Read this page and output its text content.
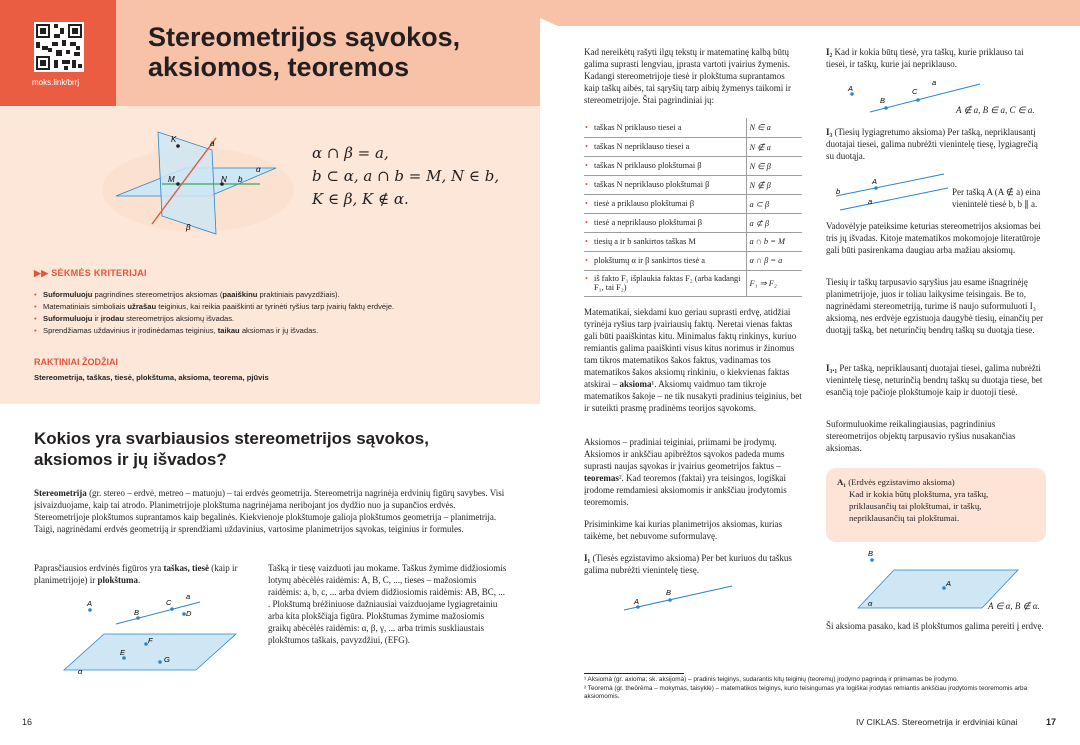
moks.link/brrj
Stereometrijos sąvokos, aksiomos, teoremos
K	a
M	N b
α
β
α ∩ β = a,
b ⊂ α, a ∩ b = M, N ∈ b,
K ∈ β, K ∉ α.
▶▶ SĖKMĖS KRITERIJAI
• Suformuluoju pagrindines stereometrijos aksiomas (paaiškinu praktiniais pavyzdžiais).
• Matematiniais simboliais užrašau teiginius, kai reikia paaiškinti ar tyrinėti ryšius tarp įvairių faktų erdvėje.
• Suformuluoju ir įrodau stereometrijos aksiomų išvadas.
• Sprendžiamas uždavinius ir įrodinėdamas teiginius, taikau aksiomas ir jų išvadas.
RAKTINIAI ŽODŽIAI
Stereometrija, taškas, tiesė, plokštuma, aksioma, teorema, pjūvis
Kokios yra svarbiausios stereometrijos sąvokos, aksiomos ir jų išvados?

Stereometrija (gr. stereo – erdvė, metreo – matuoju) – tai erdvės geometrija. Stereometrija nagrinėja erdvinių figūrų savybes. Visi įsivaizduojame, kaip tai atrodo. Planimetrijoje plokštuma nagrinėjama neribojant jos dydžio nuo ja supančios erdvės. Stereometrijoje plokštumos suprantamos kaip begalinės. Kiekvienoje plokštumoje galioja plokštumos geometrija – planimetrija. Taigi, nagrinėdami erdvės geometriją ir sprendžiami uždavinius, vartosime planimetrijos sąvokas, teiginius ir formules.

Paprasčiausios erdvinės figūros yra taškas, tiesė (kaip ir planimetrijoje) ir plokštuma.

Tašką ir tiesę vaizduoti jau mokame. Taškus žymime didžiosiomis lotynų abėcėlės raidėmis: A, B, C, ..., tieses – mažosiomis raidėmis: a, b, c, ... arba dviem didžiosiomis raidėmis: AB, BC, ... . Plokštumą brėžiniuose dažniausiai vaizduojame lygiagretainiu arba kita plokščiąja figūra. Plokštumas žymime mažosiomis graikų abėcėlės raidėmis: α, β, γ, ... arba trimis suskliaustais plokštumos taškais, pavyzdžiui, (EFG).

A
B
C
D
a
F
E
G
α
16

Kad nereikėtų rašyti ilgų tekstų ir matematinę kalbą būtų galima suprasti lengviau, įprasta vartoti įvairius žymenis. Kadangi stereometrijoje tiesė ir plokštuma suprantamos kaip taškų aibės, tai sąryšių tarp aibių žymenys taikomi ir stereometrijoje. Štai pagrindiniai jų:

• taškas N priklauso tiesei a	N ∈ a
• taškas N nepriklauso tiesei a	N ∉ a
• taškas N priklauso plokštumai β	N ∈ β
• taškas N nepriklauso plokštumai β	N ∉ β
• tiesė a priklauso plokštumai β	a ⊂ β
• tiesė a nepriklauso plokštumai β	a ⊄ β
• tiesių a ir b sankirtos taškas M	a ∩ b = M
• plokštumų α ir β sankirtos tiesė a	α ∩ β = a
• iš fakto F₁ išplaukia faktas F₂ (arba kadangi F₁, tai F₂)	F₁ ⇒ F₂

Matematikai, siekdami kuo geriau suprasti erdvę, atidžiai tyrinėja ryšius tarp įvairiausių faktų. Neretai vienas faktas gali būti paaiškintas kitu. Minimalus faktų rinkinys, kuriuo remiantis galima paaiškinti visus kitus norimus ir žinomus tam tikros matematikos šakos faktus, vadinamas tos matematikos šakos aksiomų rinkiniu, o kiekvienas faktas atskirai – aksioma¹. Aksiomų vaidmuo tam tikroje matematikos šakoje – ne tik nusakyti pradinius teiginius, bet ir suteikti prasmę pradinėms teorijos sąvokoms.

Aksiomos – pradiniai teiginiai, priimami be įrodymų. Aksiomos ir ankščiau apibrėžtos sąvokos padeda mums suprasti naujas sąvokas ir įvairius geometrijos faktus – teoremas². Kad teoremos (faktai) yra teisingos, logiškai įrodome remdamiesi aksiomomis ir ankščiau įrodytomis teoremomis.

Prisiminkime kai kurias planimetrijos aksiomas, kurias taikėme, bet nebuvome suformulavę.

I₁ (Tiesės egzistavimo aksioma) Per bet kuriuos du taškus galima nubrėžti vienintelę tiesę.

A
B

I₂ Kad ir kokia būtų tiesė, yra taškų, kurie priklauso tai tiesei, ir taškų, kurie jai nepriklauso.

A
B
C
a
A ∉ a, B ∈ a, C ∈ a.

I₃ (Tiesių lygiagretumo aksioma) Per tašką, nepriklausantį duotajai tiesei, galima nubrėžti vienintelę tiesę, lygiagrečią su duotąja.

A
b
a
Per tašką A (A ∉ a) eina vienintelė tiesė b, b ∥ a.

Vadovėlyje pateiksime keturias stereometrijos aksiomas bei tris jų išvadas. Kitoje matematikos mokomojoje literatūroje gali būti pasirenkama daugiau arba mažiau aksiomų.

Tiesių ir taškų tarpusavio sąryšius jau esame išnagrinėję planimetrijoje, juos ir toliau laikysime teisingais. Be to, nagrinėdami stereometriją, turime iš naujo suformuluoti I₃ aksiomą, nes erdvėje egzistuoja daugybė tiesių, einančių per duotąjį tašką, bet neturinčių bendrų taškų su duotąja tiese.

I₃.₁ Per tašką, nepriklausantį duotajai tiesei, galima nubrėžti vienintelę tiesę, neturinčią bendrų taškų su duotąja tiese, bet esančią toje pačioje plokštumoje kaip ir duotoji tiesė.

Suformuluokime reikalingiausias, pagrindinius stereometrijos objektų tarpusavio ryšius nusakančias aksiomas.

A₁ (Erdvės egzistavimo aksioma)
Kad ir kokia būtų plokštuma, yra taškų, priklausančių tai plokštumai, ir taškų, nepriklausančių tai plokštumai.
B
A
α	A ∈ α, B ∉ α.

Ši aksioma pasako, kad iš plokštumos galima pereiti į erdvę.

¹ Aksiomà (gr. axioma; sk. aksijomà) – pradinis teiginys, sudarantis kitų teiginių (teoremų) įrodymo pagrindą ir priimamas be įrodymo.
² Teoremà (gr. theōrēma – mokymas, taisyklė) – matematikos teiginys, kurio teisingumas yra logiškai įrodytas remiantis ankščiau įrodytomis teoremomis arba aksiomomis.
IV CIKLAS. Stereometrija ir erdviniai kūnai	17
